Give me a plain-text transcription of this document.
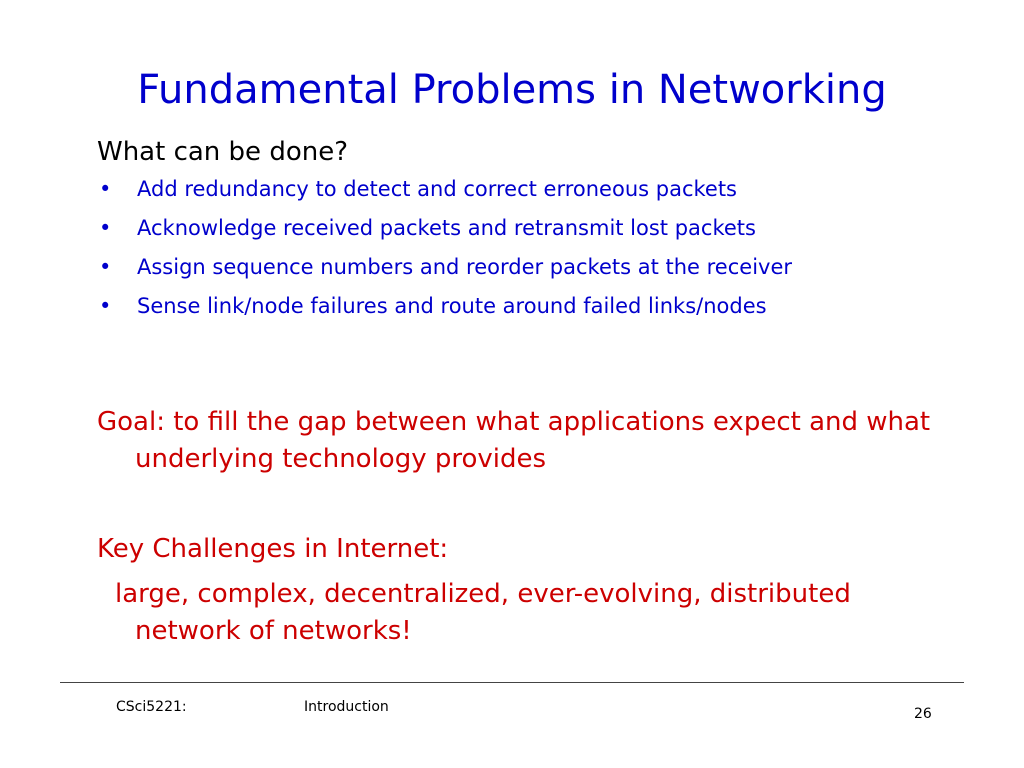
Fundamental Problems in Networking
What can be done?
• Add redundancy to detect and correct erroneous packets
• Acknowledge received packets and retransmit lost packets
• Assign sequence numbers and reorder packets at the receiver
• Sense link/node failures and route around failed links/nodes
Goal: to fill the gap between what applications expect and what underlying technology provides
Key Challenges in Internet:
large, complex, decentralized, ever-evolving, distributed network of networks!
CSci5221:	Introduction	26
